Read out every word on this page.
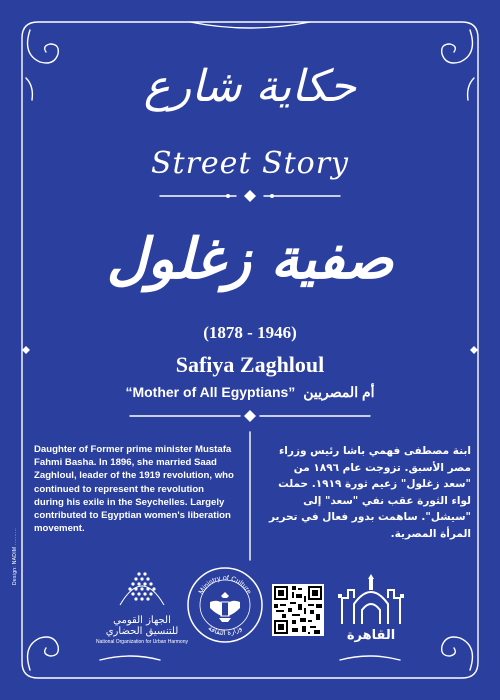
حكاية شارع
Street Story
صفية زغلول
(1878 - 1946)
Safiya Zaghloul
“Mother of All Egyptians” أم المصريين
Daughter of Former prime minister Mustafa Fahmi Basha. In 1896, she married Saad Zaghloul, leader of the 1919 revolution, who continued to represent the revolution during his exile in the Seychelles. Largely contributed to Egyptian women's liberation movement.
ابنة مصطفى فهمي باشا رئيس وزراء مصر الأسبق. تزوجت عام ١٨٩٦ من "سعد زغلول" زعيم ثورة ١٩١٩. حملت لواء الثورة عقب نفي "سعد" إلى "سيشل". ساهمت بدور فعال في تحرير المرأة المصرية.
Design: NADIM ..........
الجهاز القومي للتنسيق الحضاري
National Organization for Urban Harmony
Ministry of Culture
وزارة الثقافة	القاهرة
